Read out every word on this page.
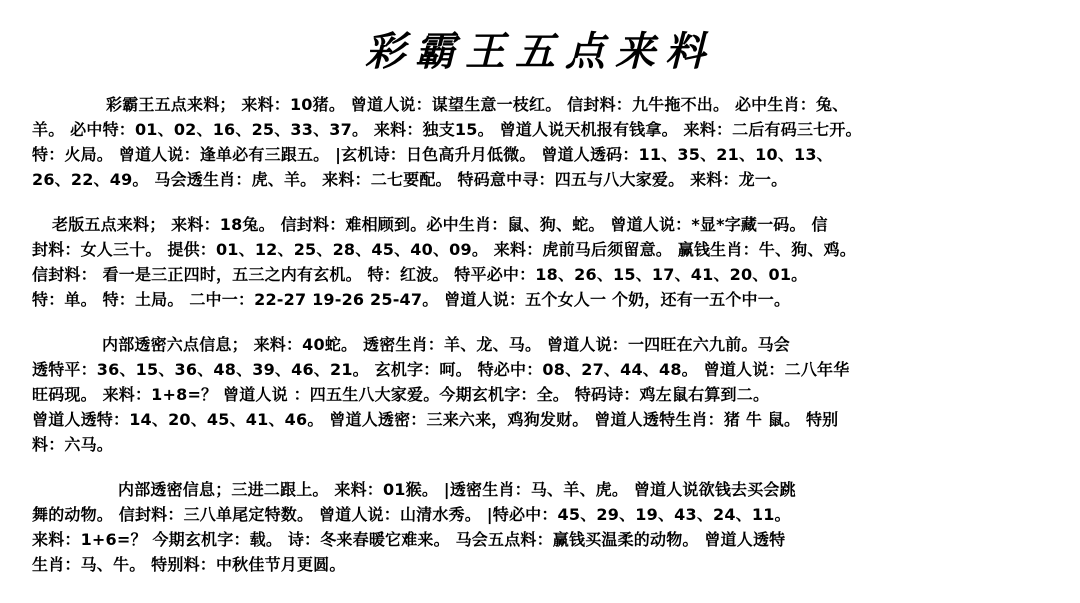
彩霸王五点来料
彩霸王五点来料； 来料：10猪。 曾道人说：谋望生意一枝红。 信封料：九牛拖不出。 必中生肖：兔、
羊。 必中特：01、02、16、25、33、37。 来料：独支15。 曾道人说天机报有钱拿。 来料：二后有码三七开。
特：火局。 曾道人说：逢单必有三跟五。 |玄机诗：日色高升月低微。 曾道人透码：11、35、21、10、13、
26、22、49。 马会透生肖：虎、羊。 来料：二七要配。 特码意中寻：四五与八大家爱。 来料：龙一。
老版五点来料； 来料：18兔。 信封料：难相顾到。必中生肖：鼠、狗、蛇。 曾道人说：*显*字藏一码。 信
封料：女人三十。 提供：01、12、25、28、45、40、09。 来料：虎前马后须留意。 赢钱生肖：牛、狗、鸡。
信封料： 看一是三正四时，五三之内有玄机。 特：红波。 特平必中：18、26、15、17、41、20、01。
特：单。 特：土局。 二中一：22-27 19-26 25-47。 曾道人说：五个女人一 个奶，还有一五个中一。
内部透密六点信息； 来料：40蛇。 透密生肖：羊、龙、马。 曾道人说：一四旺在六九前。马会
透特平：36、15、36、48、39、46、21。 玄机字：呵。 特必中：08、27、44、48。 曾道人说：二八年华
旺码现。 来料：1+8=？ 曾道人说 ：四五生八大家爱。今期玄机字：全。 特码诗：鸡左鼠右算到二。
曾道人透特：14、20、45、41、46。 曾道人透密：三来六来，鸡狗发财。 曾道人透特生肖：猪 牛 鼠。 特别
料：六马。
内部透密信息；三进二跟上。 来料：01猴。 |透密生肖：马、羊、虎。 曾道人说欲钱去买会跳
舞的动物。 信封料：三八单尾定特数。 曾道人说：山清水秀。 |特必中：45、29、19、43、24、11。
来料：1+6=？ 今期玄机字：载。 诗：冬来春暖它难来。 马会五点料：赢钱买温柔的动物。 曾道人透特
生肖：马、牛。 特别料：中秋佳节月更圆。
